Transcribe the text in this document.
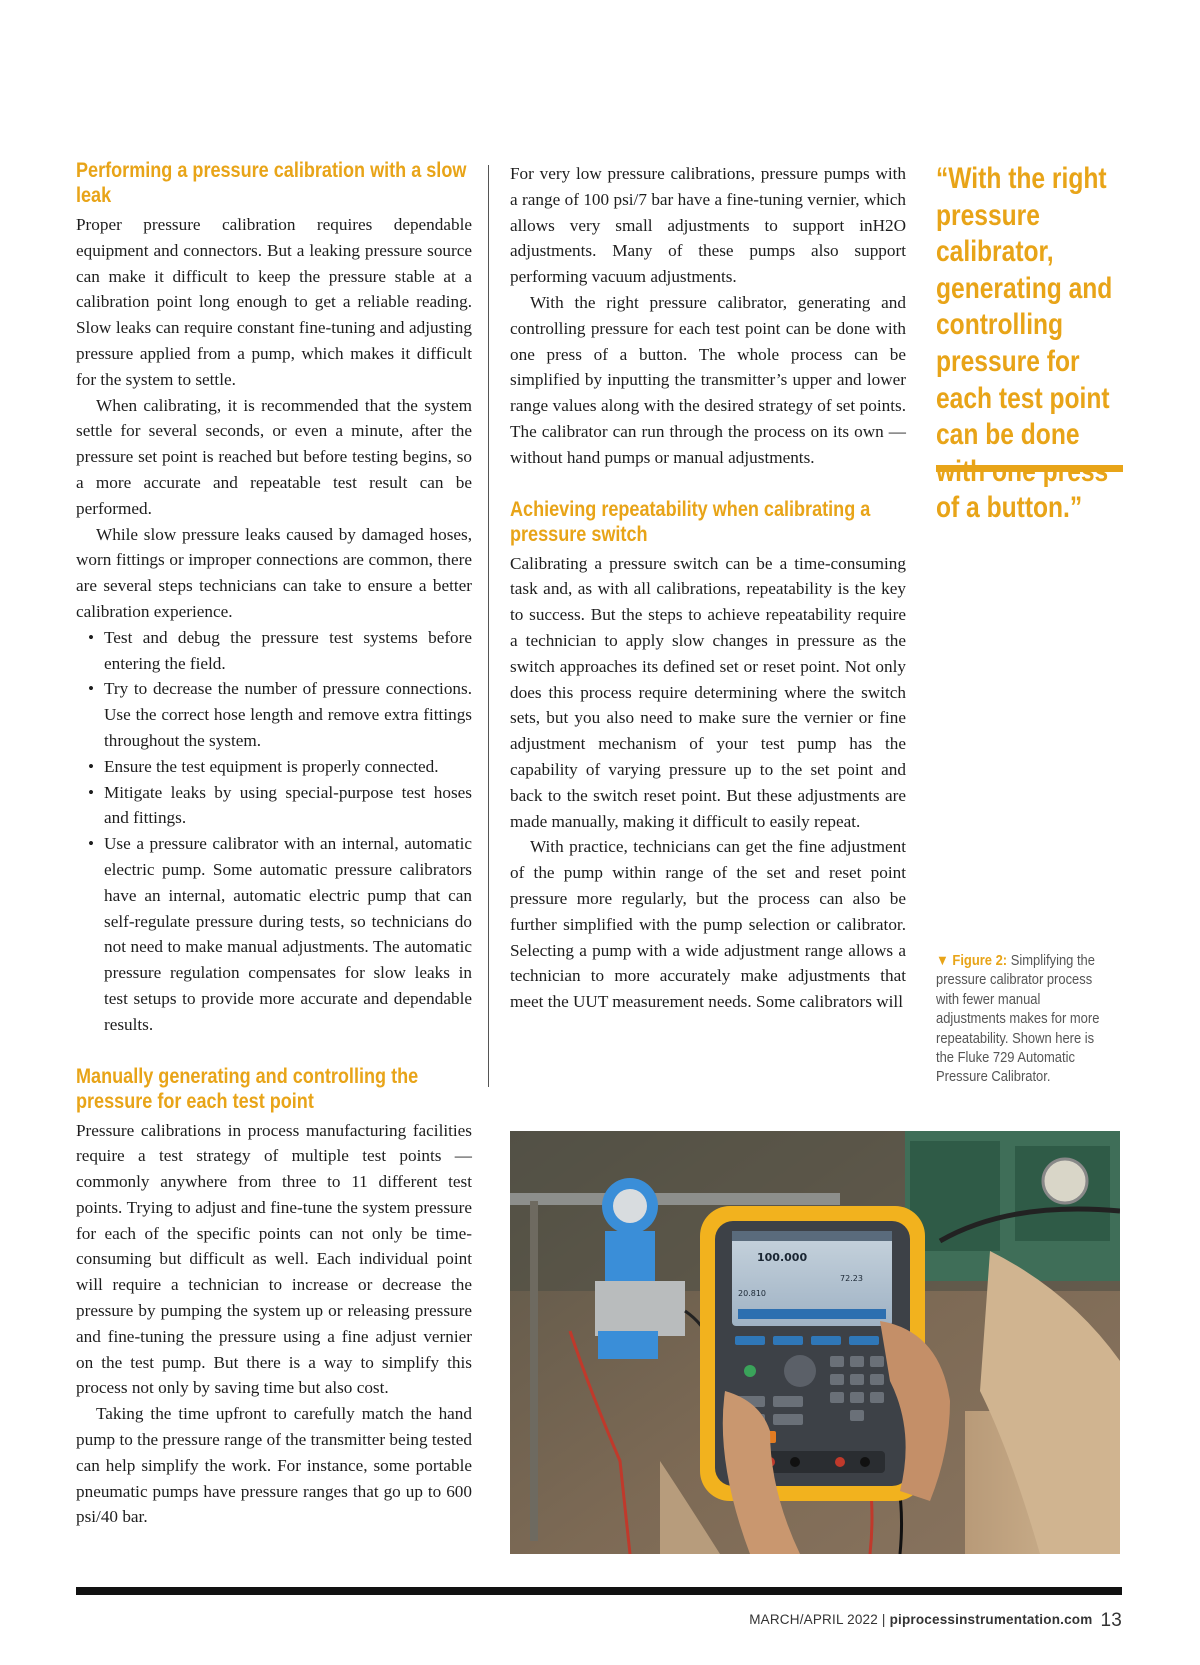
Performing a pressure calibration with a slow leak

Proper pressure calibration requires dependable equipment and connectors. But a leaking pressure source can make it difficult to keep the pressure stable at a calibration point long enough to get a reliable reading. Slow leaks can require constant fine-tuning and adjusting pressure applied from a pump, which makes it difficult for the system to settle.

When calibrating, it is recommended that the system settle for several seconds, or even a minute, after the pressure set point is reached but before testing begins, so a more accurate and repeatable test result can be performed.

While slow pressure leaks caused by damaged hoses, worn fittings or improper connections are common, there are several steps technicians can take to ensure a better calibration experience.

• Test and debug the pressure test systems before entering the field.
• Try to decrease the number of pressure connections. Use the correct hose length and remove extra fittings throughout the system.
• Ensure the test equipment is properly connected.
• Mitigate leaks by using special-purpose test hoses and fittings.
• Use a pressure calibrator with an internal, automatic electric pump. Some automatic pressure calibrators have an internal, automatic electric pump that can self-regulate pressure during tests, so technicians do not need to make manual adjustments. The automatic pressure regulation compensates for slow leaks in test setups to provide more accurate and dependable results.
Manually generating and controlling the pressure for each test point

Pressure calibrations in process manufacturing facilities require a test strategy of multiple test points — commonly anywhere from three to 11 different test points. Trying to adjust and fine-tune the system pressure for each of the specific points can not only be time-consuming but difficult as well. Each individual point will require a technician to increase or decrease the pressure by pumping the system up or releasing pressure and fine-tuning the pressure using a fine adjust vernier on the test pump. But there is a way to simplify this process not only by saving time but also cost.

Taking the time upfront to carefully match the hand pump to the pressure range of the transmitter being tested can help simplify the work. For instance, some portable pneumatic pumps have pressure ranges that go up to 600 psi/40 bar.

For very low pressure calibrations, pressure pumps with a range of 100 psi/7 bar have a fine-tuning vernier, which allows very small adjustments to support inH2O adjustments. Many of these pumps also support performing vacuum adjustments.

With the right pressure calibrator, generating and controlling pressure for each test point can be done with one press of a button. The whole process can be simplified by inputting the transmitter’s upper and lower range values along with the desired strategy of set points. The calibrator can run through the process on its own — without hand pumps or manual adjustments.

Achieving repeatability when calibrating a pressure switch

Calibrating a pressure switch can be a time-consuming task and, as with all calibrations, repeatability is the key to success. But the steps to achieve repeatability require a technician to apply slow changes in pressure as the switch approaches its defined set or reset point. Not only does this process require determining where the switch sets, but you also need to make sure the vernier or fine adjustment mechanism of your test pump has the capability of varying pressure up to the set point and back to the switch reset point. But these adjustments are made manually, making it difficult to easily repeat.

With practice, technicians can get the fine adjustment of the pump within range of the set and reset point pressure more regularly, but the process can also be further simplified with the pump selection or calibrator. Selecting a pump with a wide adjustment range allows a technician to more accurately make adjustments that meet the UUT measurement needs. Some calibrators will

“With the right pressure calibrator, generating and controlling pressure for each test point can be done of a button.”

▼ Figure 2: Simplifying the pressure calibrator process with fewer manual adjustments makes for more repeatability. Shown here is the Fluke 729 Automatic Pressure Calibrator.
100.000
20.810
72.23
MARCH/APRIL 2022 | piprocessinstrumentation.com 13
